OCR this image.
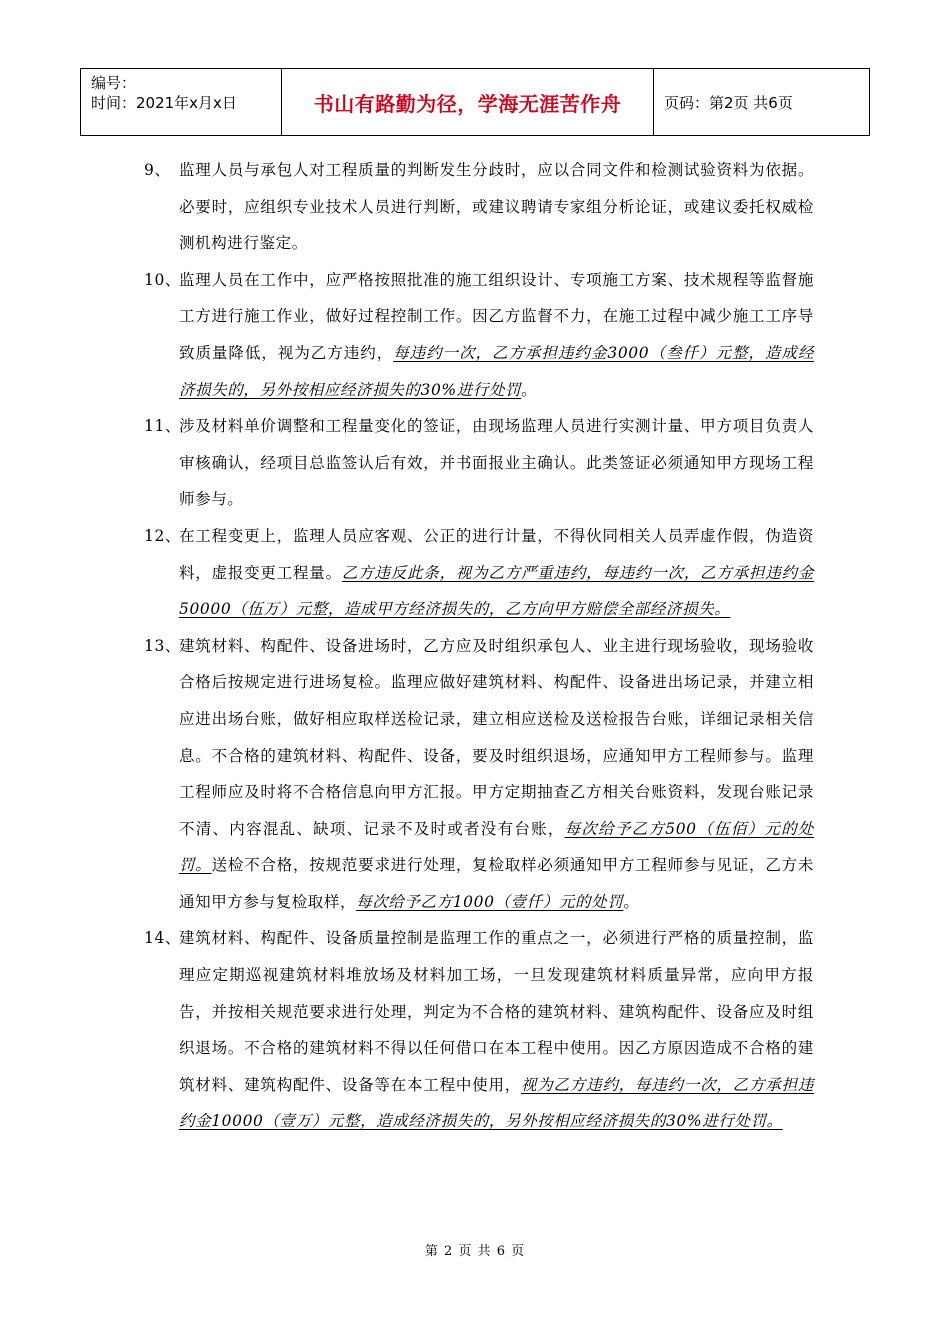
编号：
时间：2021年x月x日	书山有路勤为径，学海无涯苦作舟	页码：第2页 共6页
9、 监理人员与承包人对工程质量的判断发生分歧时，应以合同文件和检测试验资料为依据。必要时，应组织专业技术人员进行判断，或建议聘请专家组分析论证，或建议委托权威检测机构进行鉴定。
10、
监理人员在工作中，应严格按照批准的施工组织设计、专项施工方案、技术规程等监督施工方进行施工作业，做好过程控制工作。因乙方监督不力，在施工过程中减少施工工序导致质量降低，视为乙方违约，每违约一次，乙方承担违约金3000（叁仟）元整，造成经济损失的，另外按相应经济损失的30%进行处罚。
11、
涉及材料单价调整和工程量变化的签证，由现场监理人员进行实测计量、甲方项目负责人审核确认，经项目总监签认后有效，并书面报业主确认。此类签证必须通知甲方现场工程师参与。
12、
在工程变更上，监理人员应客观、公正的进行计量，不得伙同相关人员弄虚作假，伪造资料，虚报变更工程量。乙方违反此条，视为乙方严重违约，每违约一次，乙方承担违约金50000（伍万）元整，造成甲方经济损失的，乙方向甲方赔偿全部经济损失。
13、
建筑材料、构配件、设备进场时，乙方应及时组织承包人、业主进行现场验收，现场验收合格后按规定进行进场复检。监理应做好建筑材料、构配件、设备进出场记录，并建立相应进出场台账，做好相应取样送检记录，建立相应送检及送检报告台账，详细记录相关信息。不合格的建筑材料、构配件、设备，要及时组织退场，应通知甲方工程师参与。监理工程师应及时将不合格信息向甲方汇报。甲方定期抽查乙方相关台账资料，发现台账记录不清、内容混乱、缺项、记录不及时或者没有台账，每次给予乙方500（伍佰）元的处罚。送检不合格，按规范要求进行处理，复检取样必须通知甲方工程师参与见证，乙方未通知甲方参与复检取样，每次给予乙方1000（壹仟）元的处罚。
14、
建筑材料、构配件、设备质量控制是监理工作的重点之一，必须进行严格的质量控制，监理应定期巡视建筑材料堆放场及材料加工场，一旦发现建筑材料质量异常，应向甲方报告，并按相关规范要求进行处理，判定为不合格的建筑材料、建筑构配件、设备应及时组织退场。不合格的建筑材料不得以任何借口在本工程中使用。因乙方原因造成不合格的建筑材料、建筑构配件、设备等在本工程中使用，视为乙方违约，每违约一次，乙方承担违约金10000（壹万）元整，造成经济损失的，另外按相应经济损失的30%进行处罚。
第 2 页 共 6 页
